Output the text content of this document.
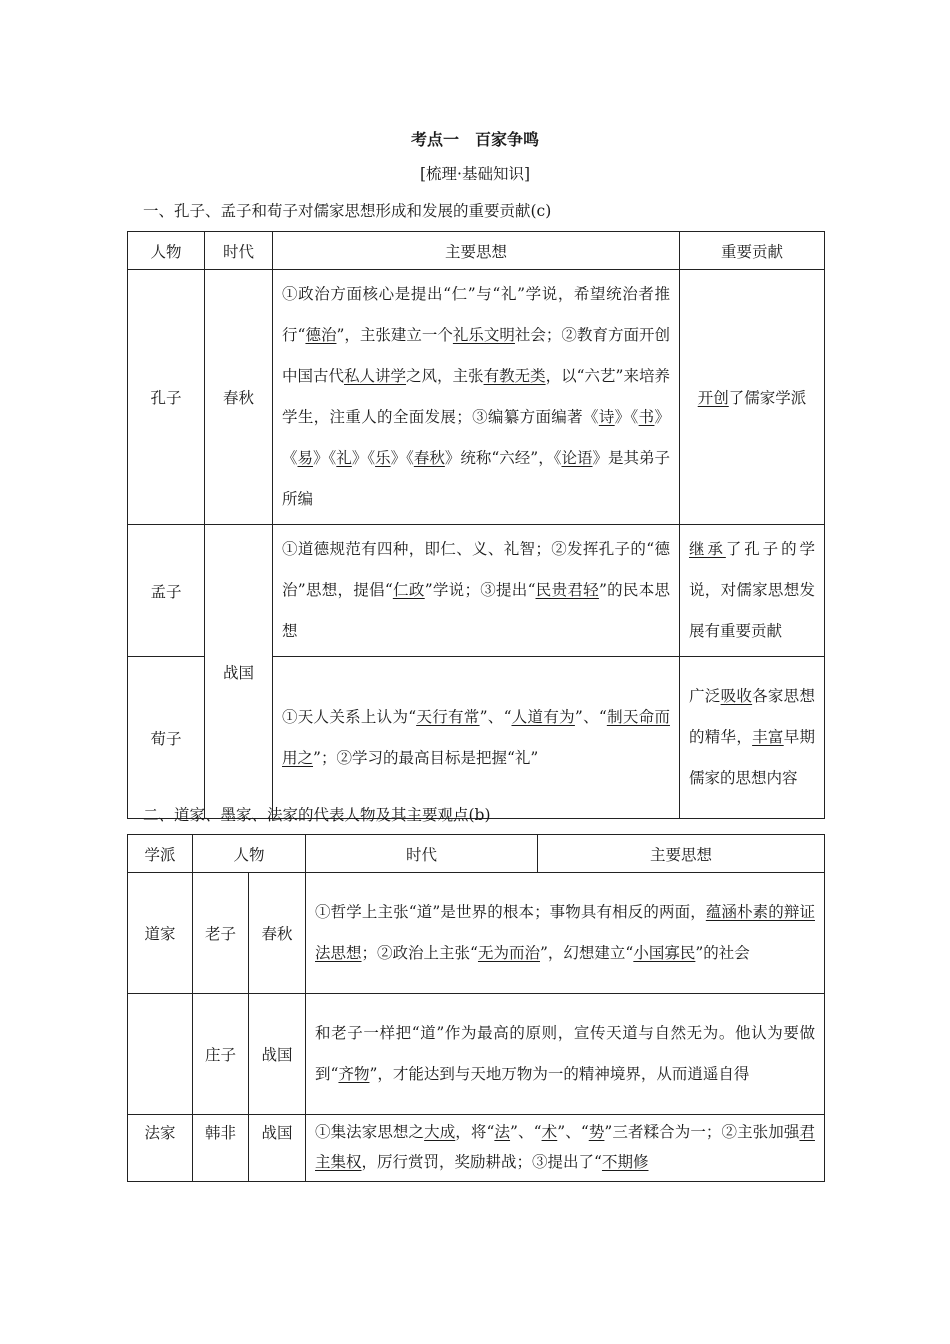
考点一　百家争鸣
[梳理·基础知识]
一、孔子、孟子和荀子对儒家思想形成和发展的重要贡献(c)
人物	时代	主要思想	重要贡献
孔子	春秋	①政治方面核心是提出“仁”与“礼”学说，希望统治者推行“德治”，主张建立一个礼乐文明社会；②教育方面开创中国古代私人讲学之风，主张有教无类，以“六艺”来培养学生，注重人的全面发展；③编纂方面编著《诗》《书》《易》《礼》《乐》《春秋》统称“六经”，《论语》是其弟子所编	开创了儒家学派
孟子	战国	①道德规范有四种，即仁、义、礼智；②发挥孔子的“德治”思想，提倡“仁政”学说；③提出“民贵君轻”的民本思想	继承了孔子的学说，对儒家思想发展有重要贡献
荀子		①天人关系上认为“天行有常”、“人道有为”、“制天命而用之”；②学习的最高目标是把握“礼”	广泛吸收各家思想的精华，丰富早期儒家的思想内容
二、道家、墨家、法家的代表人物及其主要观点(b)
学派	人物		时代	主要思想
道家	老子	春秋	①哲学上主张“道”是世界的根本；事物具有相反的两面，蕴涵朴素的辩证法思想；②政治上主张“无为而治”，幻想建立“小国寡民”的社会	
	庄子	战国	和老子一样把“道”作为最高的原则，宣传天道与自然无为。他认为要做到“齐物”，才能达到与天地万物为一的精神境界，从而逍遥自得	
法家	韩非	战国	①集法家思想之大成，将“法”、“术”、“势”三者糅合为一；②主张加强君主集权，厉行赏罚，奖励耕战；③提出了“不期修	
